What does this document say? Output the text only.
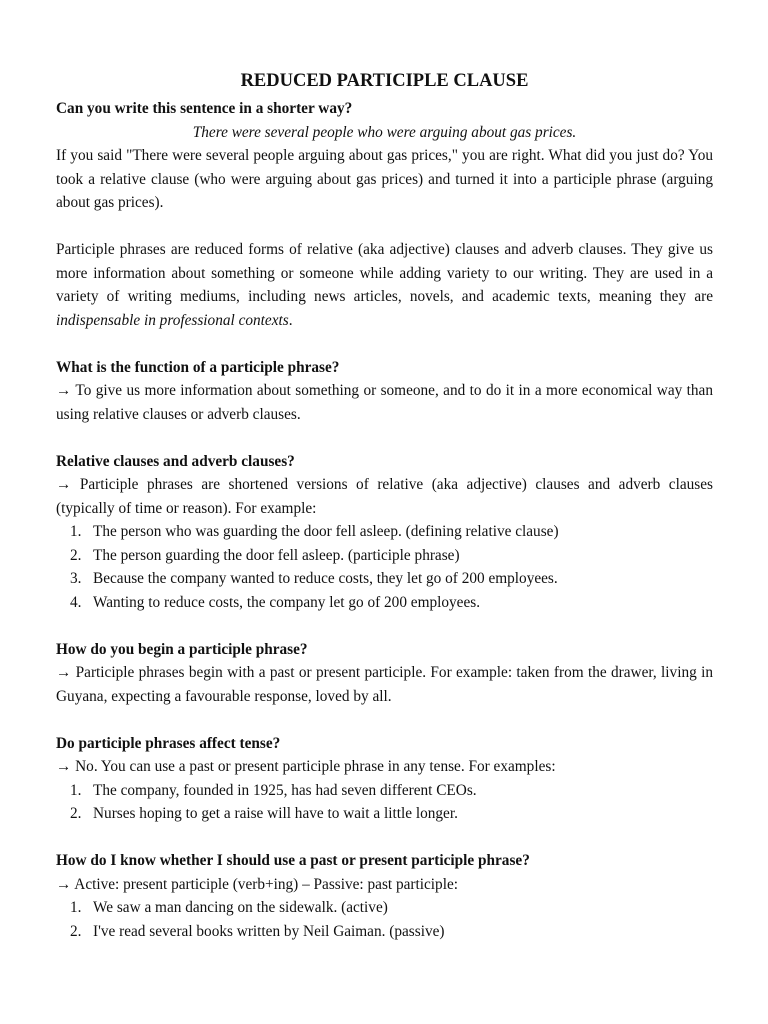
REDUCED PARTICIPLE CLAUSE

Can you write this sentence in a shorter way?

There were several people who were arguing about gas prices.

If you said "There were several people arguing about gas prices," you are right. What did you just do? You took a relative clause (who were arguing about gas prices) and turned it into a participle phrase (arguing about gas prices).

Participle phrases are reduced forms of relative (aka adjective) clauses and adverb clauses. They give us more information about something or someone while adding variety to our writing. They are used in a variety of writing mediums, including news articles, novels, and academic texts, meaning they are indispensable in professional contexts.

What is the function of a participle phrase?

→ To give us more information about something or someone, and to do it in a more economical way than using relative clauses or adverb clauses.

Relative clauses and adverb clauses?

→ Participle phrases are shortened versions of relative (aka adjective) clauses and adverb clauses (typically of time or reason). For example:

1. The person who was guarding the door fell asleep. (defining relative clause)
2. The person guarding the door fell asleep. (participle phrase)
3. Because the company wanted to reduce costs, they let go of 200 employees.
4. Wanting to reduce costs, the company let go of 200 employees.

How do you begin a participle phrase?

→ Participle phrases begin with a past or present participle. For example: taken from the drawer, living in Guyana, expecting a favourable response, loved by all.

Do participle phrases affect tense?

→ No. You can use a past or present participle phrase in any tense. For examples:

1. The company, founded in 1925, has had seven different CEOs.
2. Nurses hoping to get a raise will have to wait a little longer.

How do I know whether I should use a past or present participle phrase?

→ Active: present participle (verb+ing) – Passive: past participle:

1. We saw a man dancing on the sidewalk. (active)
2. I've read several books written by Neil Gaiman. (passive)
